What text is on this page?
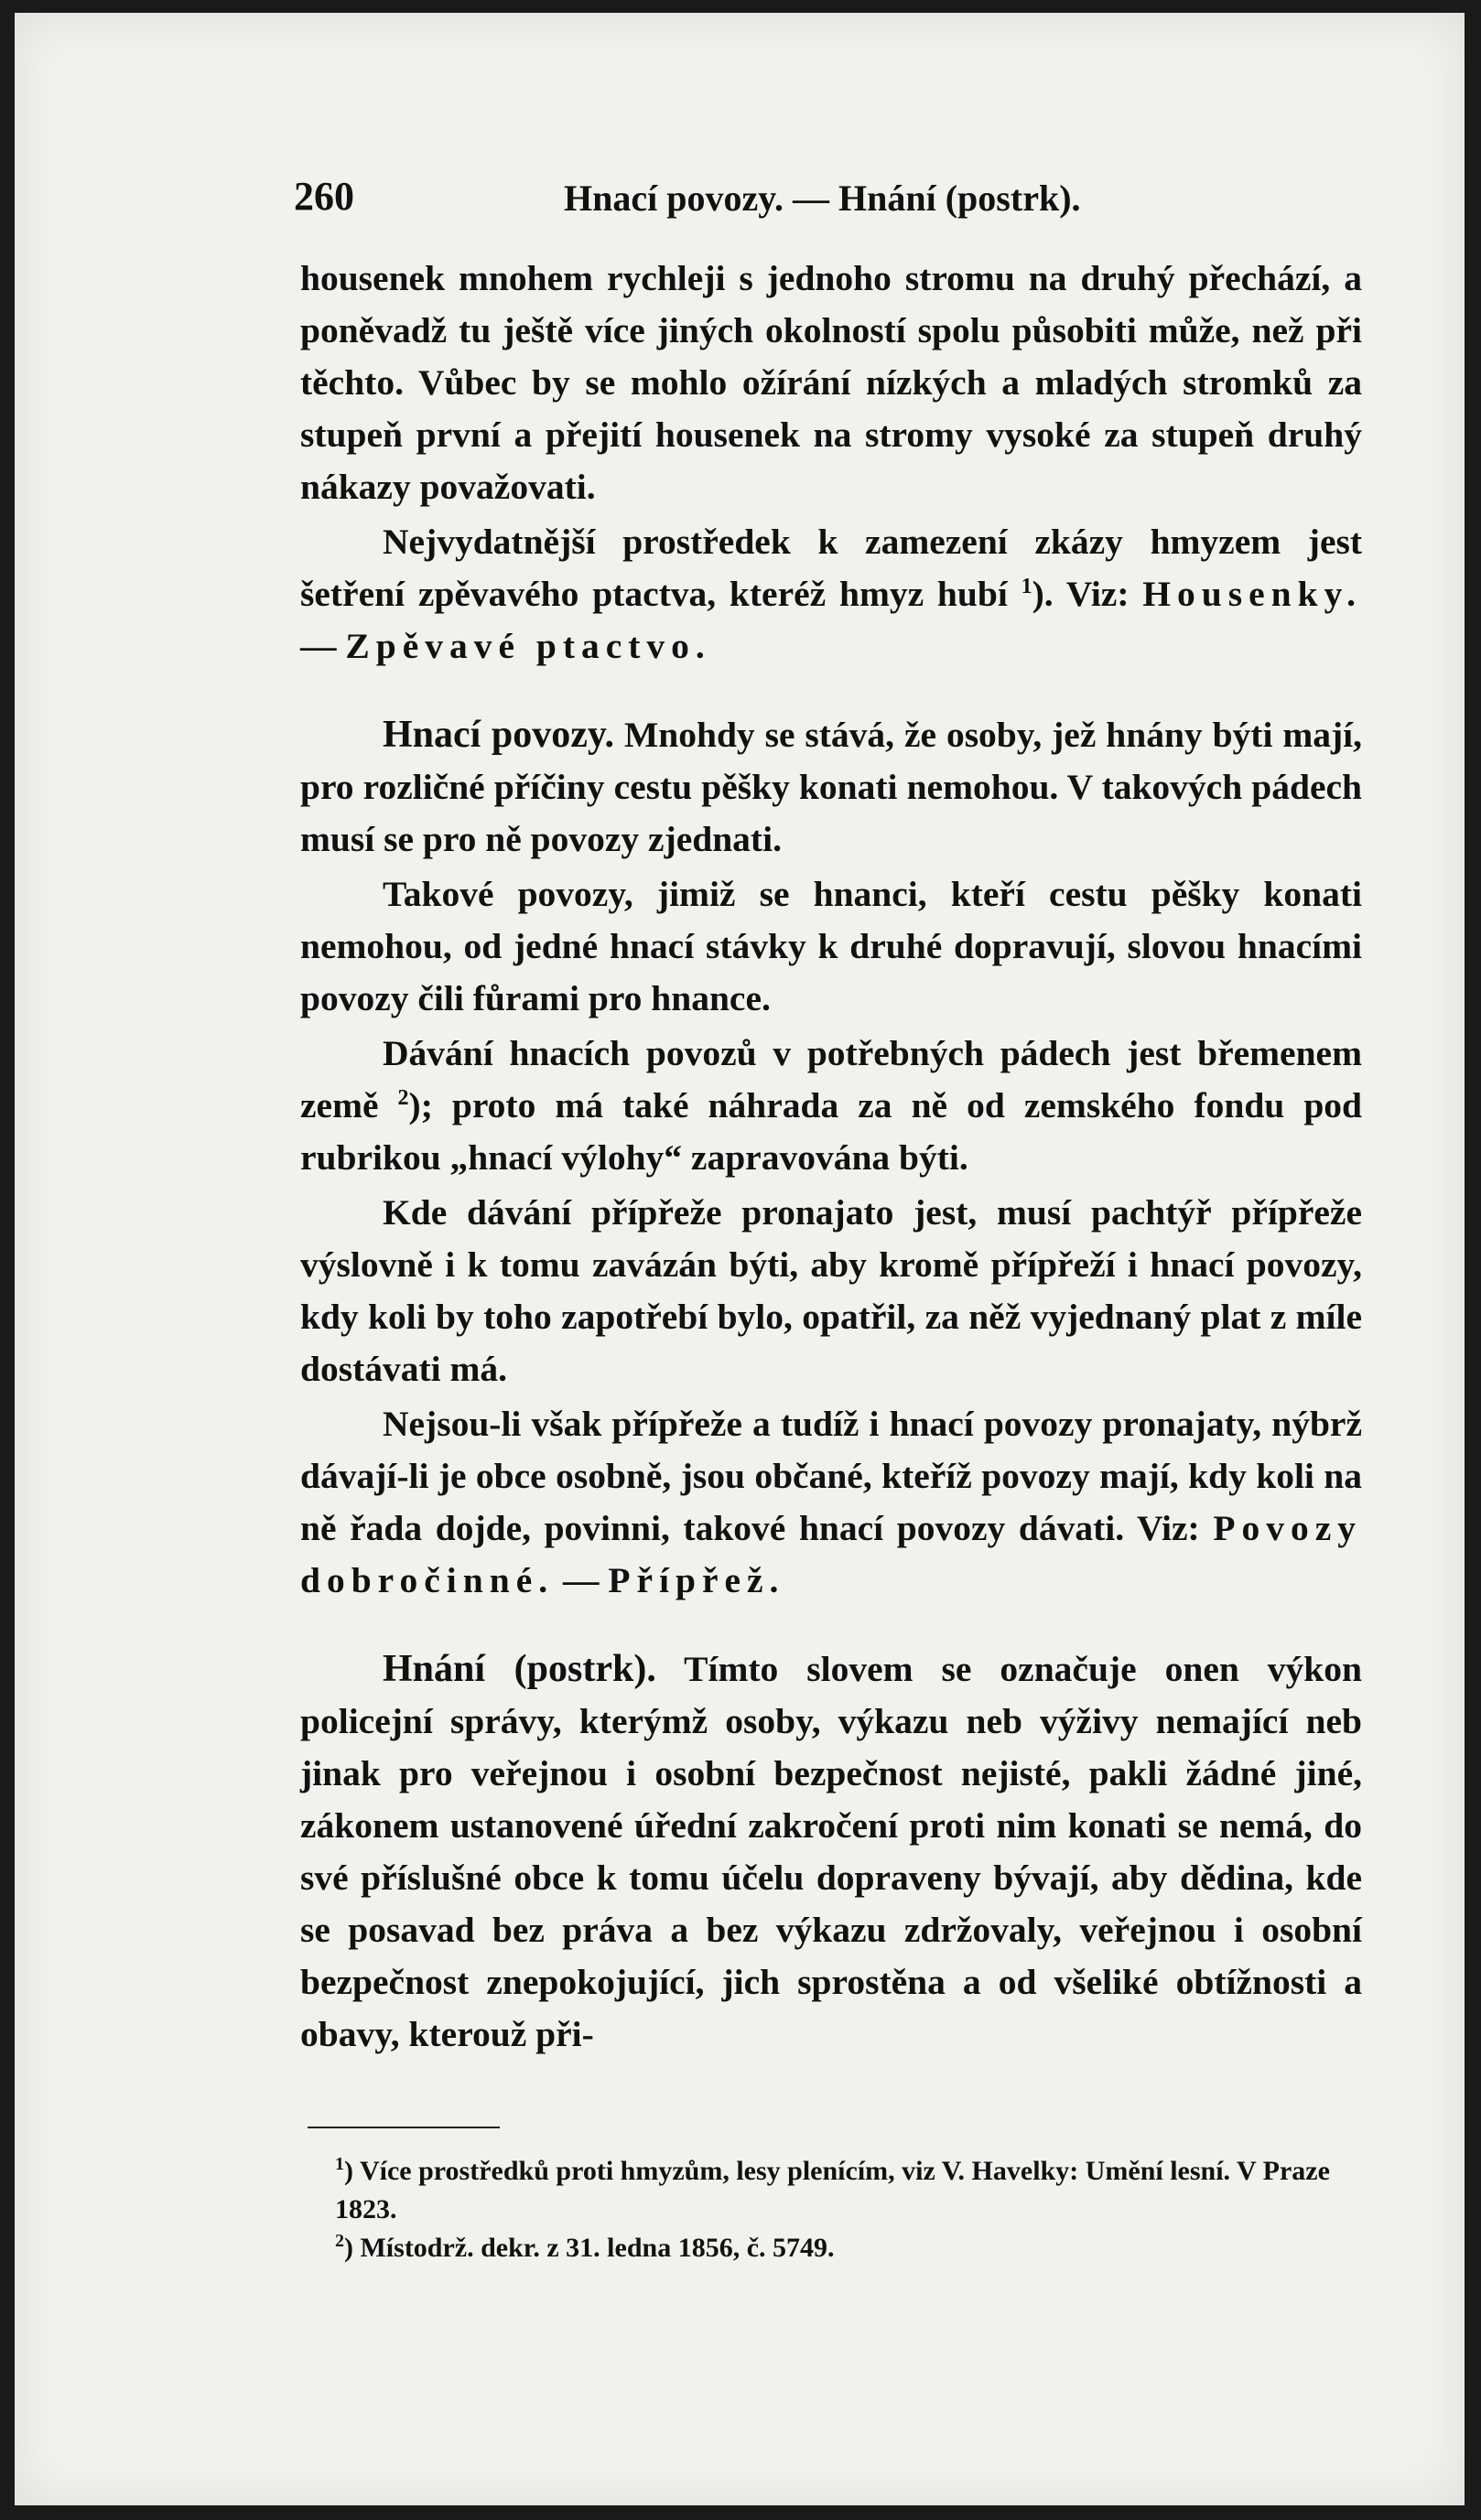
260	Hnací povozy. — Hnání (postrk).

housenek mnohem rychleji s jednoho stromu na druhý přechází, a poněvadž tu ještě více jiných okolností spolu působiti může, než při těchto. Vůbec by se mohlo ožírání nízkých a mladých stromků za stupeň první a přejití housenek na stromy vysoké za stupeň druhý nákazy považovati.

Nejvydatnější prostředek k zamezení zkázy hmyzem jest šetření zpěvavého ptactva, kteréž hmyz hubí $^1$). Viz: Housenky. — Zpěvavé ptactvo.

Hnací povozy. Mnohdy se stává, že osoby, jež hnány býti mají, pro rozličné příčiny cestu pěšky konati nemohou. V takových pádech musí se pro ně povozy zjednati.

Takové povozy, jimiž se hnanci, kteří cestu pěšky konati nemohou, od jedné hnací stávky k druhé dopravují, slovou hnacími povozy čili fůrami pro hnance.

Dávání hnacích povozů v potřebných pádech jest břemenem země $^2$); proto má také náhrada za ně od zemského fondu pod rubrikou „hnací výlohy“ zapravována býti.

Kde dávání přípřeže pronajato jest, musí pachtýř přípřeže výslovně i k tomu zavázán býti, aby kromě přípřeží i hnací povozy, kdy koli by toho zapotřebí bylo, opatřil, za něž vyjednaný plat z míle dostávati má.

Nejsou-li však přípřeže a tudíž i hnací povozy pronajaty, nýbrž dávají-li je obce osobně, jsou občané, kteříž povozy mají, kdy koli na ně řada dojde, povinni, takové hnací povozy dávati. Viz: Povozy dobročinné. — Přípřež.

Hnání (postrk). Tímto slovem se označuje onen výkon policejní správy, kterýmž osoby, výkazu neb výživy nemající neb jinak pro veřejnou i osobní bezpečnost nejisté, pakli žádné jiné, zákonem ustanovené úřední zakročení proti nim konati se nemá, do své příslušné obce k tomu účelu dopraveny bývají, aby dědina, kde se posavad bez práva a bez výkazu zdržovaly, veřejnou i osobní bezpečnost znepokojující, jich sprostěna a od všeliké obtížnosti a obavy, kterouž při-

$^1$) Více prostředků proti hmyzům, lesy plenícím, viz V. Havelky: Umění lesní. V Praze 1823.

$^2$) Místodrž. dekr. z 31. ledna 1856, č. 5749.
